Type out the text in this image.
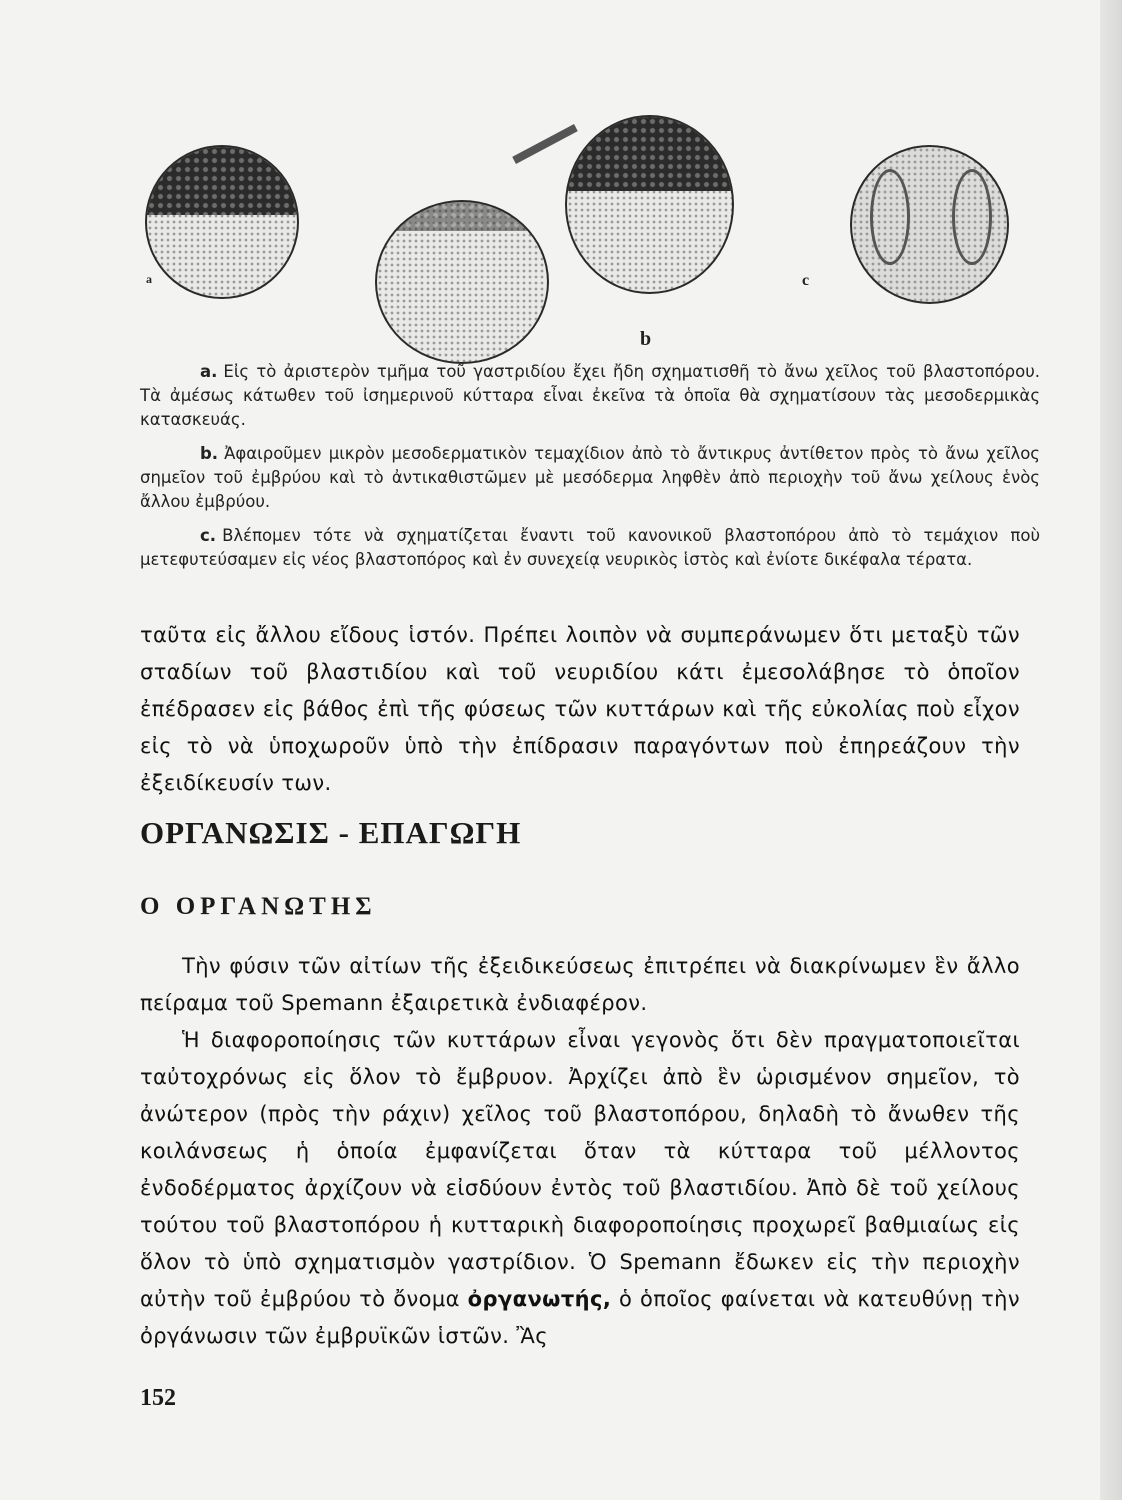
a
b
c

a. Εἰς τὸ ἀριστερὸν τμῆμα τοῦ γαστριδίου ἔχει ἤδη σχηματισθῆ τὸ ἄνω χεῖλος τοῦ βλαστοπόρου. Τὰ ἀμέσως κάτωθεν τοῦ ἰσημερινοῦ κύτταρα εἶναι ἐκεῖνα τὰ ὁποῖα θὰ σχηματίσουν τὰς μεσοδερμικὰς κατασκευάς.

b. Ἀφαιροῦμεν μικρὸν μεσοδερματικὸν τεμαχίδιον ἀπὸ τὸ ἄντικρυς ἀντίθετον πρὸς τὸ ἄνω χεῖλος σημεῖον τοῦ ἐμβρύου καὶ τὸ ἀντικαθιστῶμεν μὲ μεσόδερμα ληφθὲν ἀπὸ περιοχὴν τοῦ ἄνω χείλους ἑνὸς ἄλλου ἐμβρύου.

c. Βλέπομεν τότε νὰ σχηματίζεται ἔναντι τοῦ κανονικοῦ βλαστοπόρου ἀπὸ τὸ τεμάχιον ποὺ μετεφυτεύσαμεν εἰς νέος βλαστοπόρος καὶ ἐν συνεχείᾳ νευρικὸς ἱστὸς καὶ ἐνίοτε δικέφαλα τέρατα.

ταῦτα εἰς ἄλλου εἴδους ἱστόν. Πρέπει λοιπὸν νὰ συμπεράνωμεν ὅτι μεταξὺ τῶν σταδίων τοῦ βλαστιδίου καὶ τοῦ νευριδίου κάτι ἐμεσολάβησε τὸ ὁποῖον ἐπέδρασεν εἰς βάθος ἐπὶ τῆς φύσεως τῶν κυττάρων καὶ τῆς εὐκολίας ποὺ εἶχον εἰς τὸ νὰ ὑποχωροῦν ὑπὸ τὴν ἐπίδρασιν παραγόντων ποὺ ἐπηρεάζουν τὴν ἐξειδίκευσίν των.

ΟΡΓΑΝΩΣΙΣ - ΕΠΑΓΩΓΗ
Ο ΟΡΓΑΝΩΤΗΣ

Τὴν φύσιν τῶν αἰτίων τῆς ἐξειδικεύσεως ἐπιτρέπει νὰ διακρίνωμεν ἓν ἄλλο πείραμα τοῦ Spemann ἐξαιρετικὰ ἐνδιαφέρον.

Ἡ διαφοροποίησις τῶν κυττάρων εἶναι γεγονὸς ὅτι δὲν πραγματοποιεῖται ταὐτοχρόνως εἰς ὅλον τὸ ἔμβρυον. Ἀρχίζει ἀπὸ ἓν ὡρισμένον σημεῖον, τὸ ἀνώτερον (πρὸς τὴν ράχιν) χεῖλος τοῦ βλαστοπόρου, δηλαδὴ τὸ ἄνωθεν τῆς κοιλάνσεως ἡ ὁποία ἐμφανίζεται ὅταν τὰ κύτταρα τοῦ μέλλοντος ἐνδοδέρματος ἀρχίζουν νὰ εἰσδύουν ἐντὸς τοῦ βλαστιδίου. Ἀπὸ δὲ τοῦ χείλους τούτου τοῦ βλαστοπόρου ἡ κυτταρικὴ διαφοροποίησις προχωρεῖ βαθμιαίως εἰς ὅλον τὸ ὑπὸ σχηματισμὸν γαστρίδιον. Ὁ Spemann ἔδωκεν εἰς τὴν περιοχὴν αὐτὴν τοῦ ἐμβρύου τὸ ὄνομα ὀργανωτής, ὁ ὁποῖος φαίνεται νὰ κατευθύνῃ τὴν ὀργάνωσιν τῶν ἐμβρυϊκῶν ἱστῶν. Ἂς

152
